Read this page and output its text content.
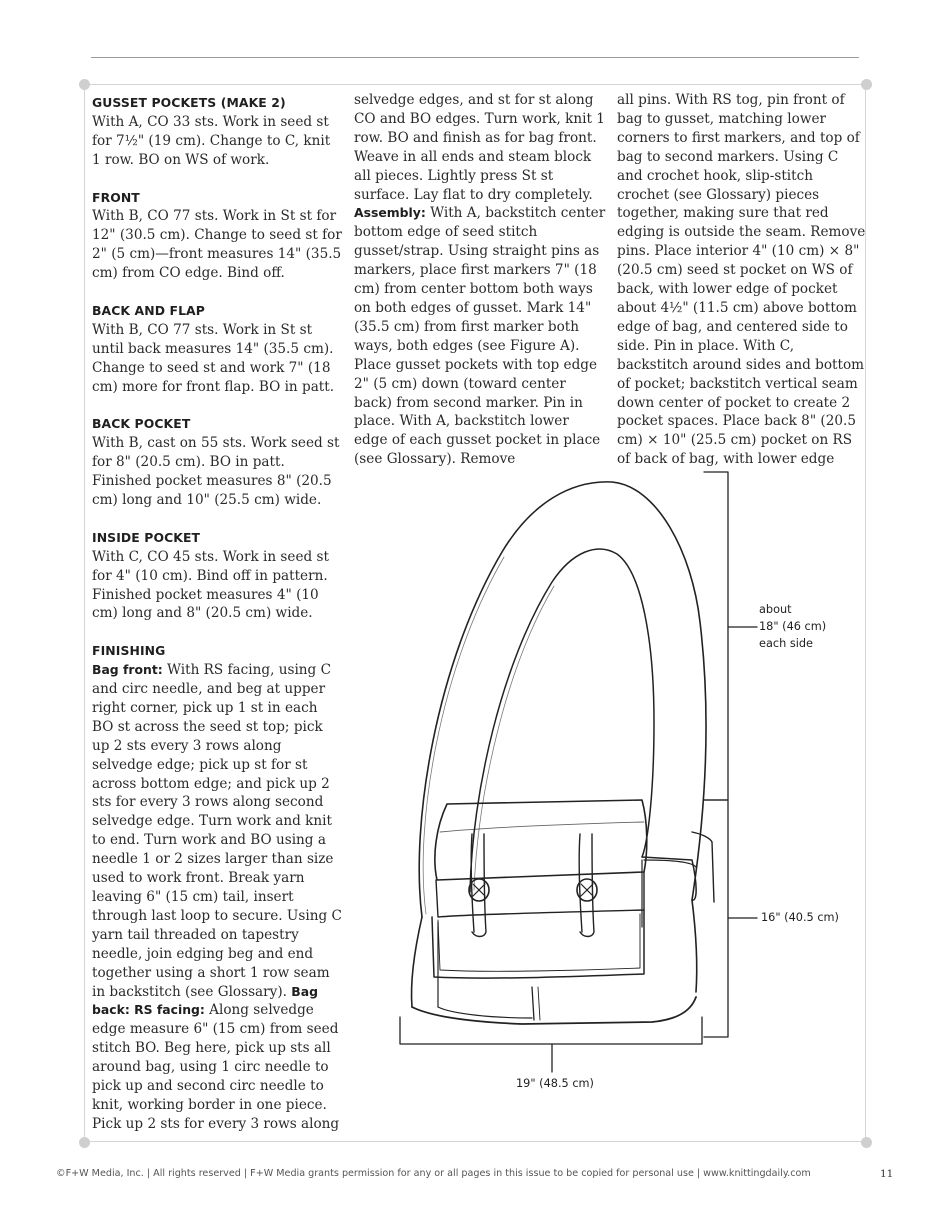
GUSSET POCKETS (MAKE 2)
With A, CO 33 sts. Work in seed st for 7½" (19 cm). Change to C, knit 1 row. BO on WS of work.
FRONT
With B, CO 77 sts. Work in St st for 12" (30.5 cm). Change to seed st for 2" (5 cm)—front measures 14" (35.5 cm) from CO edge. Bind off.
BACK AND FLAP
With B, CO 77 sts. Work in St st until back measures 14" (35.5 cm). Change to seed st and work 7" (18 cm) more for front flap. BO in patt.
BACK POCKET
With B, cast on 55 sts. Work seed st for 8" (20.5 cm). BO in patt. Finished pocket measures 8" (20.5 cm) long and 10" (25.5 cm) wide.
INSIDE POCKET
With C, CO 45 sts. Work in seed st for 4" (10 cm). Bind off in pattern. Finished pocket measures 4" (10 cm) long and 8" (20.5 cm) wide.
FINISHING
Bag front: With RS facing, using C and circ needle, and beg at upper right corner, pick up 1 st in each BO st across the seed st top; pick up 2 sts every 3 rows along selvedge edge; pick up st for st across bottom edge; and pick up 2 sts for every 3 rows along second selvedge edge. Turn work and knit to end. Turn work and BO using a needle 1 or 2 sizes larger than size used to work front. Break yarn leaving 6" (15 cm) tail, insert through last loop to secure. Using C yarn tail threaded on tapestry needle, join edging beg and end together using a short 1 row seam in backstitch (see Glossary). Bag back: RS facing: Along selvedge edge measure 6" (15 cm) from seed stitch BO. Beg here, pick up sts all around bag, using 1 circ needle to pick up and second circ needle to knit, working border in one piece. Pick up 2 sts for every 3 rows along
selvedge edges, and st for st along CO and BO edges. Turn work, knit 1 row. BO and finish as for bag front. Weave in all ends and steam block all pieces. Lightly press St st surface. Lay flat to dry completely. Assembly: With A, backstitch center bottom edge of seed stitch gusset/strap. Using straight pins as markers, place first markers 7" (18 cm) from center bottom both ways on both edges of gusset. Mark 14" (35.5 cm) from first marker both ways, both edges (see Figure A). Place gusset pockets with top edge 2" (5 cm) down (toward center back) from second marker. Pin in place. With A, backstitch lower edge of each gusset pocket in place (see Glossary). Remove
all pins. With RS tog, pin front of bag to gusset, matching lower corners to first markers, and top of bag to second markers. Using C and crochet hook, slip-stitch crochet (see Glossary) pieces together, making sure that red edging is outside the seam. Remove pins. Place interior 4" (10 cm) × 8" (20.5 cm) seed st pocket on WS of back, with lower edge of pocket about 4½" (11.5 cm) above bottom edge of bag, and centered side to side. Pin in place. With C, backstitch around sides and bottom of pocket; backstitch vertical seam down center of pocket to create 2 pocket spaces. Place back 8" (20.5 cm) × 10" (25.5 cm) pocket on RS of back of bag, with lower edge
about
18" (46 cm)
each side
16" (40.5 cm)
19" (48.5 cm)
©F+W Media, Inc. | All rights reserved | F+W Media grants permission for any or all pages in this issue to be copied for personal use | www.knittingdaily.com	11
